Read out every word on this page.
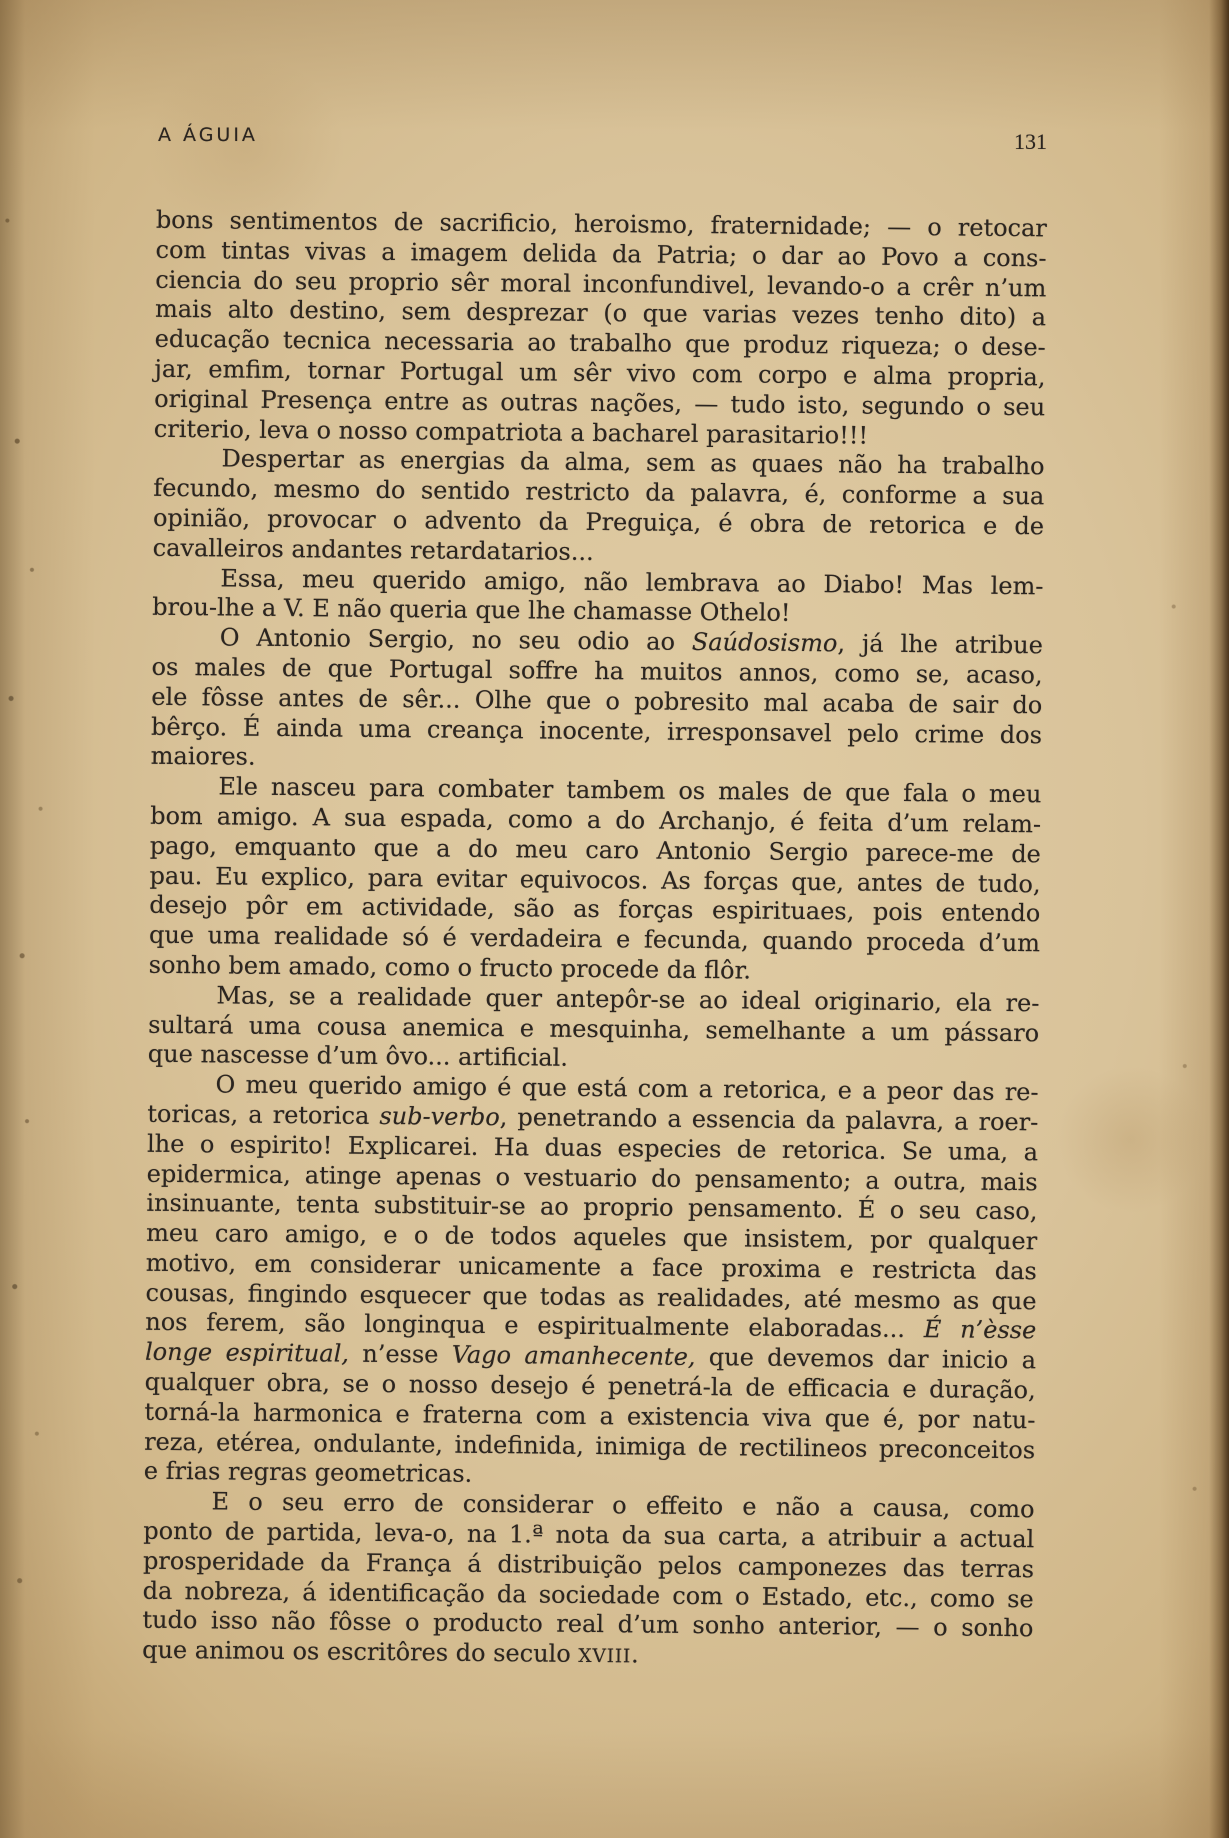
A ÁGUIA	131
bons sentimentos de sacrificio, heroismo, fraternidade; — o retocar
com tintas vivas a imagem delida da Patria; o dar ao Povo a cons-
ciencia do seu proprio sêr moral inconfundivel, levando-o a crêr n’um
mais alto destino, sem desprezar (o que varias vezes tenho dito) a
educação tecnica necessaria ao trabalho que produz riqueza; o dese-
jar, emfim, tornar Portugal um sêr vivo com corpo e alma propria,
original Presença entre as outras nações, — tudo isto, segundo o seu
criterio, leva o nosso compatriota a bacharel parasitario!!!
Despertar as energias da alma, sem as quaes não ha trabalho
fecundo, mesmo do sentido restricto da palavra, é, conforme a sua
opinião, provocar o advento da Preguiça, é obra de retorica e de
cavalleiros andantes retardatarios...
Essa, meu querido amigo, não lembrava ao Diabo! Mas lem-
brou-lhe a V. E não queria que lhe chamasse Othelo!
O Antonio Sergio, no seu odio ao Saúdosismo, já lhe atribue
os males de que Portugal soffre ha muitos annos, como se, acaso,
ele fôsse antes de sêr... Olhe que o pobresito mal acaba de sair do
bêrço. É ainda uma creança inocente, irresponsavel pelo crime dos
maiores.
Ele nasceu para combater tambem os males de que fala o meu
bom amigo. A sua espada, como a do Archanjo, é feita d’um relam-
pago, emquanto que a do meu caro Antonio Sergio parece-me de
pau. Eu explico, para evitar equivocos. As forças que, antes de tudo,
desejo pôr em actividade, são as forças espirituaes, pois entendo
que uma realidade só é verdadeira e fecunda, quando proceda d’um
sonho bem amado, como o fructo procede da flôr.
Mas, se a realidade quer antepôr-se ao ideal originario, ela re-
sultará uma cousa anemica e mesquinha, semelhante a um pássaro
que nascesse d’um ôvo... artificial.
O meu querido amigo é que está com a retorica, e a peor das re-
toricas, a retorica sub-verbo, penetrando a essencia da palavra, a roer-
lhe o espirito! Explicarei. Ha duas especies de retorica. Se uma, a
epidermica, atinge apenas o vestuario do pensamento; a outra, mais
insinuante, tenta substituir-se ao proprio pensamento. É o seu caso,
meu caro amigo, e o de todos aqueles que insistem, por qualquer
motivo, em considerar unicamente a face proxima e restricta das
cousas, fingindo esquecer que todas as realidades, até mesmo as que
nos ferem, são longinqua e espiritualmente elaboradas... É n’èsse
longe espiritual, n’esse Vago amanhecente, que devemos dar inicio a
qualquer obra, se o nosso desejo é penetrá-la de efficacia e duração,
torná-la harmonica e fraterna com a existencia viva que é, por natu-
reza, etérea, ondulante, indefinida, inimiga de rectilineos preconceitos
e frias regras geometricas.
E o seu erro de considerar o effeito e não a causa, como
ponto de partida, leva-o, na 1.ª nota da sua carta, a atribuir a actual
prosperidade da França á distribuição pelos camponezes das terras
da nobreza, á identificação da sociedade com o Estado, etc., como se
tudo isso não fôsse o producto real d’um sonho anterior, — o sonho
que animou os escritôres do seculo XVIII.
